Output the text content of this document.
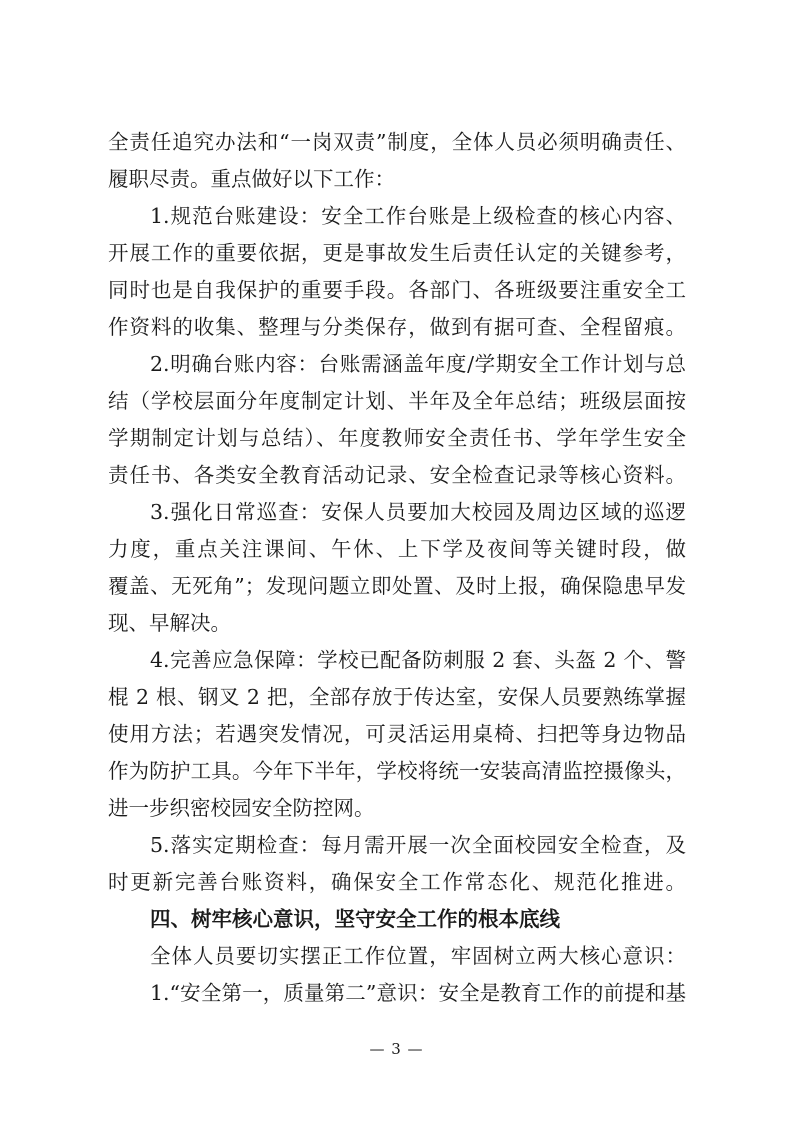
全责任追究办法和“一岗双责”制度，全体人员必须明确责任、
履职尽责。重点做好以下工作：
1.规范台账建设：安全工作台账是上级检查的核心内容、
开展工作的重要依据，更是事故发生后责任认定的关键参考，
同时也是自我保护的重要手段。各部门、各班级要注重安全工
作资料的收集、整理与分类保存，做到有据可查、全程留痕。
2.明确台账内容：台账需涵盖年度/学期安全工作计划与总
结（学校层面分年度制定计划、半年及全年总结；班级层面按
学期制定计划与总结）、年度教师安全责任书、学年学生安全
责任书、各类安全教育活动记录、安全检查记录等核心资料。
3.强化日常巡查：安保人员要加大校园及周边区域的巡逻
力度，重点关注课间、午休、上下学及夜间等关键时段，做
覆盖、无死角”；发现问题立即处置、及时上报，确保隐患早发
现、早解决。
4.完善应急保障：学校已配备防刺服 2 套、头盔 2 个、警
棍 2 根、钢叉 2 把，全部存放于传达室，安保人员要熟练掌握
使用方法；若遇突发情况，可灵活运用桌椅、扫把等身边物品
作为防护工具。今年下半年，学校将统一安装高清监控摄像头，
进一步织密校园安全防控网。
5.落实定期检查：每月需开展一次全面校园安全检查，及
时更新完善台账资料，确保安全工作常态化、规范化推进。
四、树牢核心意识，坚守安全工作的根本底线
全体人员要切实摆正工作位置，牢固树立两大核心意识：
1.“安全第一，质量第二”意识：安全是教育工作的前提和基
— 3 —
